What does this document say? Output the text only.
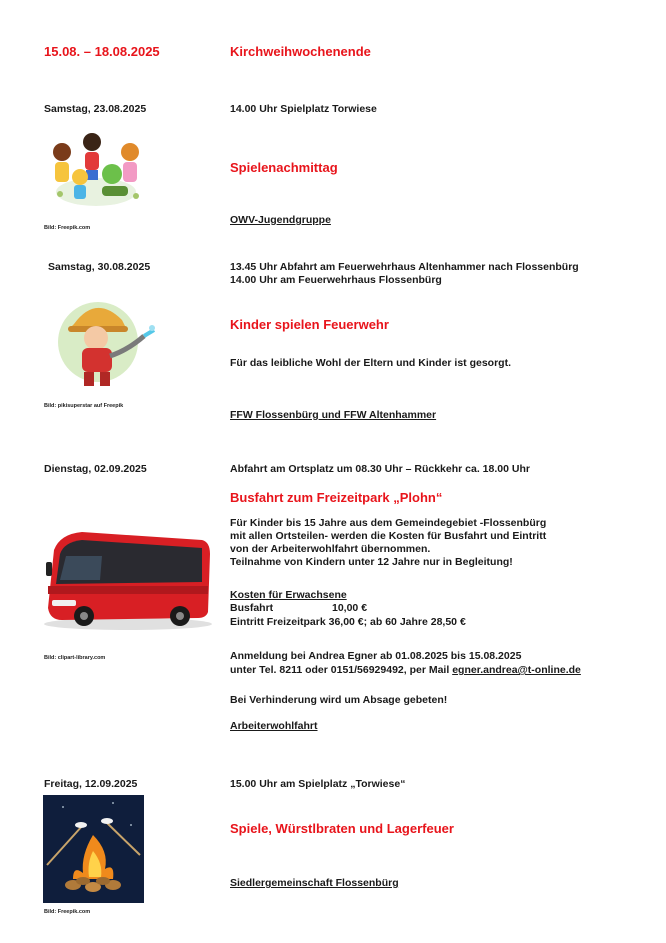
15.08. – 18.08.2025	Kirchweihwochenende
Samstag, 23.08.2025	14.00 Uhr Spielplatz Torwiese
Spielenachmittag
Bild: Freepik.com
OWV-Jugendgruppe
Samstag, 30.08.2025	13.45 Uhr Abfahrt am Feuerwehrhaus Altenhammer nach Flossenbürg
14.00 Uhr am Feuerwehrhaus Flossenbürg
Kinder spielen Feuerwehr
Für das leibliche Wohl der Eltern und Kinder ist gesorgt.
Bild: pikisuperstar auf Freepik
FFW Flossenbürg und FFW Altenhammer
Dienstag, 02.09.2025	Abfahrt am Ortsplatz um 08.30 Uhr – Rückkehr ca. 18.00 Uhr
Busfahrt zum Freizeitpark „Plohn“
Für Kinder bis 15 Jahre aus dem Gemeindegebiet -Flossenbürg
mit allen Ortsteilen- werden die Kosten für Busfahrt und Eintritt
von der Arbeiterwohlfahrt übernommen.
Teilnahme von Kindern unter 12 Jahre nur in Begleitung!
Kosten für Erwachsene
Busfahrt	10,00 €
Eintritt Freizeitpark 36,00 €; ab 60 Jahre 28,50 €
Bild: clipart-library.com	Anmeldung bei Andrea Egner ab 01.08.2025 bis 15.08.2025
unter Tel. 8211 oder 0151/56929492, per Mail egner.andrea@t-online.de
Bei Verhinderung wird um Absage gebeten!
Arbeiterwohlfahrt
Freitag, 12.09.2025	15.00 Uhr am Spielplatz „Torwiese“
Spiele, Würstlbraten und Lagerfeuer
Siedlergemeinschaft Flossenbürg
Bild: Freepik.com
